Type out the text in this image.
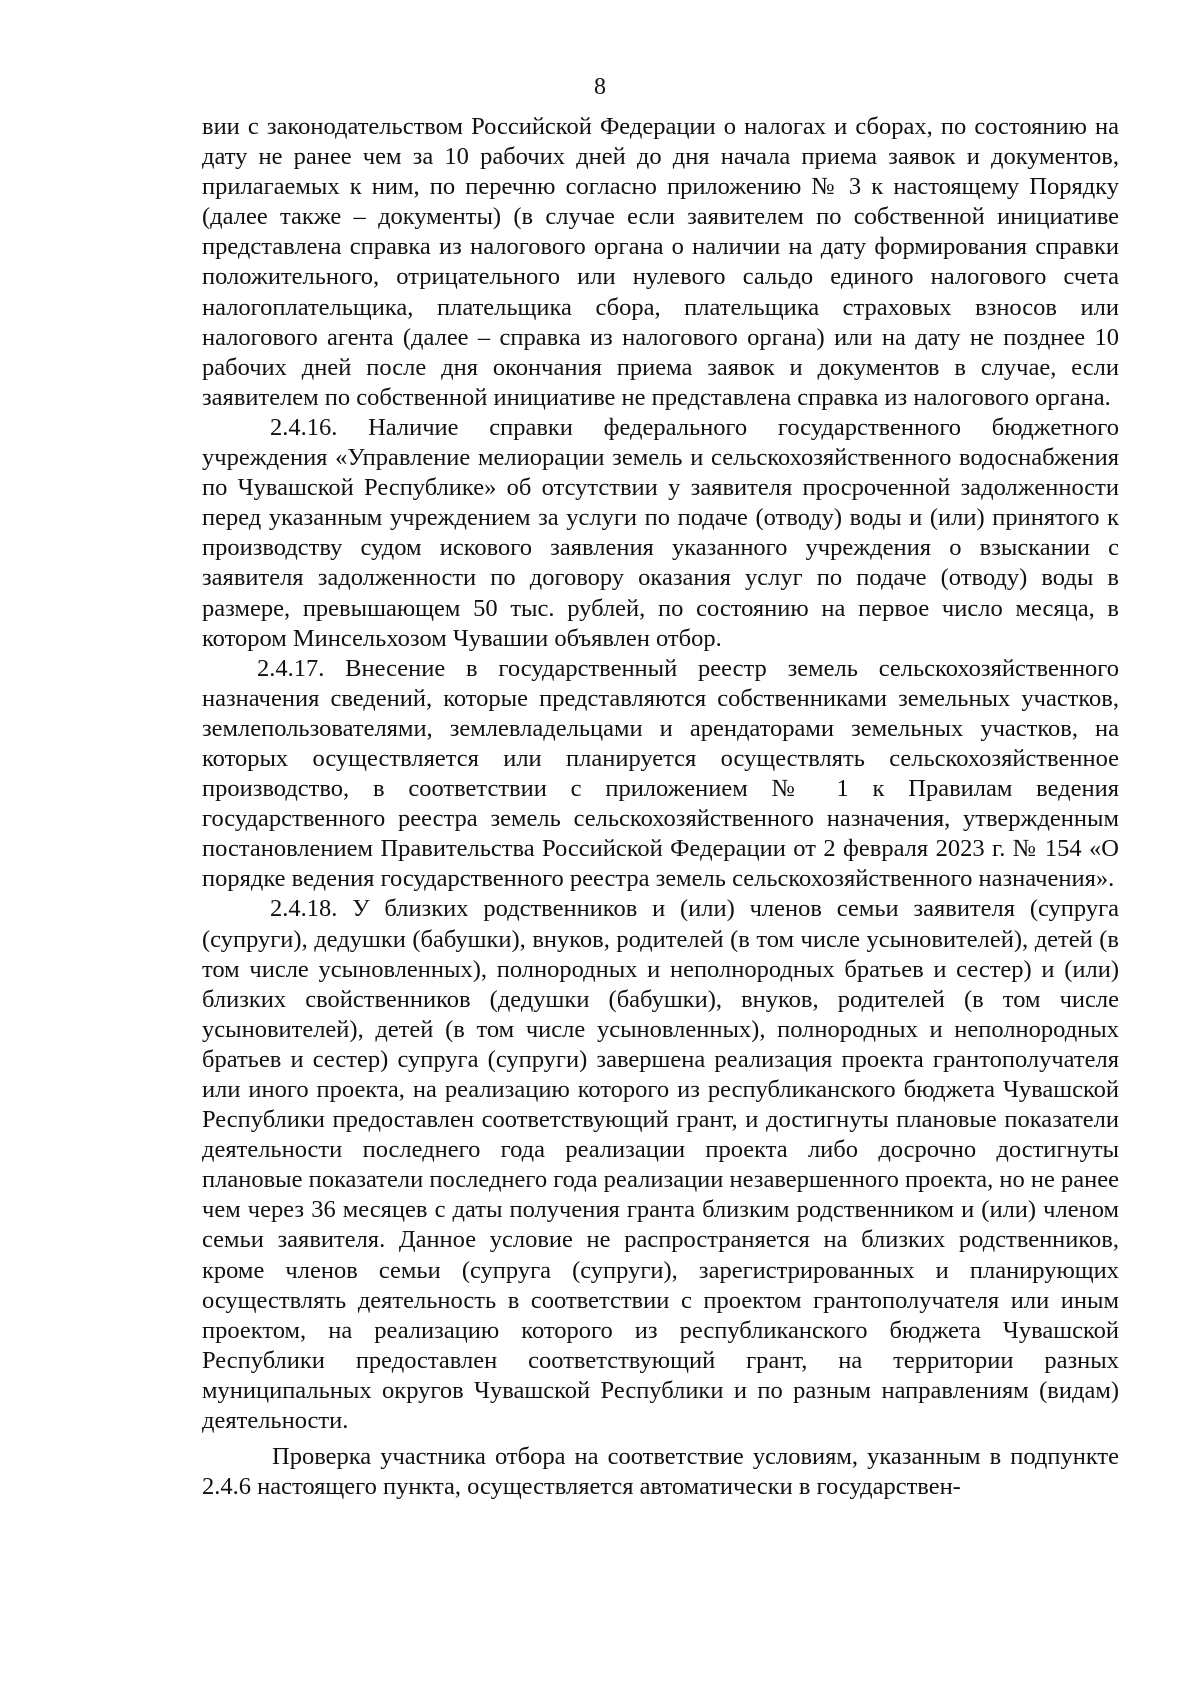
8

вии с законодательством Российской Федерации о налогах и сборах, по состоянию на дату не ранее чем за 10 рабочих дней до дня начала приема заявок и документов, прилагаемых к ним, по перечню согласно приложению № 3 к настоящему Порядку (далее также – документы) (в случае если заявителем по собственной инициативе представлена справка из налогового органа о наличии на дату формирования справки положительного, отрицательного или нулевого сальдо единого налогового счета налогоплательщика, плательщика сбора, плательщика страховых взносов или налогового агента (далее – справка из налогового органа) или на дату не позднее 10 рабочих дней после дня окончания приема заявок и документов в случае, если заявителем по собственной инициативе не представлена справка из налогового органа.

2.4.16. Наличие справки федерального государственного бюджетного учреждения «Управление мелиорации земель и сельскохозяйственного водоснабжения по Чувашской Республике» об отсутствии у заявителя просроченной задолженности перед указанным учреждением за услуги по подаче (отводу) воды и (или) принятого к производству судом искового заявления указанного учреждения о взыскании с заявителя задолженности по договору оказания услуг по подаче (отводу) воды в размере, превышающем 50 тыс. рублей, по состоянию на первое число месяца, в котором Минсельхозом Чувашии объявлен отбор.

2.4.17. Внесение в государственный реестр земель сельскохозяйственного назначения сведений, которые представляются собственниками земельных участков, землепользователями, землевладельцами и арендаторами земельных участков, на которых осуществляется или планируется осуществлять сельскохозяйственное производство, в соответствии с приложением № 1 к Правилам ведения государственного реестра земель сельскохозяйственного назначения, утвержденным постановлением Правительства Российской Федерации от 2 февраля 2023 г. № 154 «О порядке ведения государственного реестра земель сельскохозяйственного назначения».

2.4.18. У близких родственников и (или) членов семьи заявителя (супруга (супруги), дедушки (бабушки), внуков, родителей (в том числе усыновителей), детей (в том числе усыновленных), полнородных и неполнородных братьев и сестер) и (или) близких свойственников (дедушки (бабушки), внуков, родителей (в том числе усыновителей), детей (в том числе усыновленных), полнородных и неполнородных братьев и сестер) супруга (супруги) завершена реализация проекта грантополучателя или иного проекта, на реализацию которого из республиканского бюджета Чувашской Республики предоставлен соответствующий грант, и достигнуты плановые показатели деятельности последнего года реализации проекта либо досрочно достигнуты плановые показатели последнего года реализации незавершенного проекта, но не ранее чем через 36 месяцев с даты получения гранта близким родственником и (или) членом семьи заявителя. Данное условие не распространяется на близких родственников, кроме членов семьи (супруга (супруги), зарегистрированных и планирующих осуществлять деятельность в соответствии с проектом грантополучателя или иным проектом, на реализацию которого из республиканского бюджета Чувашской Республики предоставлен соответствующий грант, на территории разных муниципальных округов Чувашской Республики и по разным направлениям (видам) деятельности.

Проверка участника отбора на соответствие условиям, указанным в подпункте 2.4.6 настоящего пункта, осуществляется автоматически в государствен-
